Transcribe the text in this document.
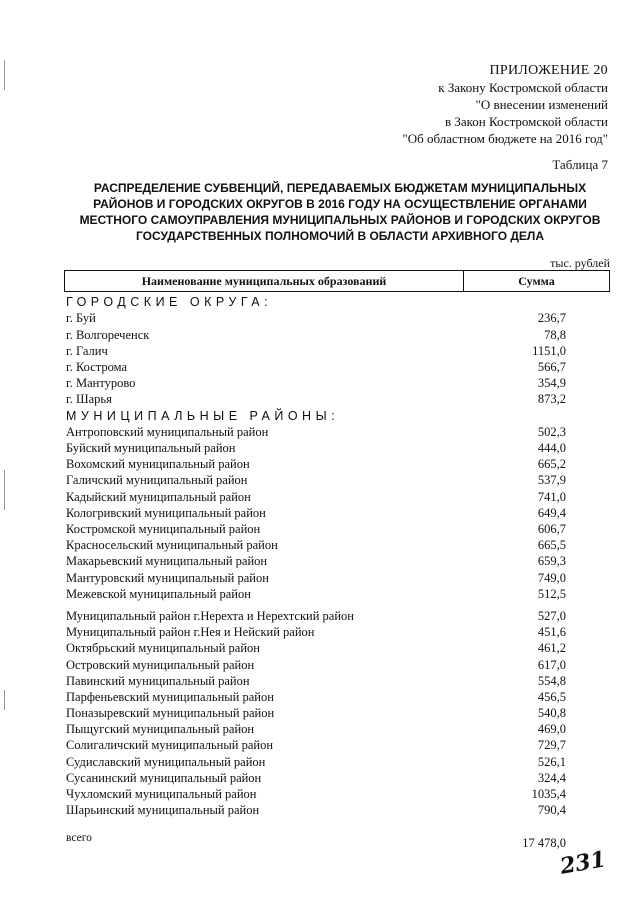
ПРИЛОЖЕНИЕ 20
к Закону Костромской области
"О внесении изменений
в Закон Костромской области
"Об областном бюджете на 2016 год"
Таблица 7
РАСПРЕДЕЛЕНИЕ СУБВЕНЦИЙ, ПЕРЕДАВАЕМЫХ БЮДЖЕТАМ МУНИЦИПАЛЬНЫХ
РАЙОНОВ И ГОРОДСКИХ ОКРУГОВ В 2016 ГОДУ НА ОСУЩЕСТВЛЕНИЕ ОРГАНАМИ
МЕСТНОГО САМОУПРАВЛЕНИЯ МУНИЦИПАЛЬНЫХ РАЙОНОВ И ГОРОДСКИХ ОКРУГОВ
ГОСУДАРСТВЕННЫХ ПОЛНОМОЧИЙ В ОБЛАСТИ АРХИВНОГО ДЕЛА
тыс. рублей
Наименование муниципальных образований	Сумма
ГОРОДСКИЕ ОКРУГА:
г. Буй	236,7
г. Волгореченск	78,8
г. Галич	1151,0
г. Кострома	566,7
г. Мантурово	354,9
г. Шарья	873,2
МУНИЦИПАЛЬНЫЕ РАЙОНЫ:
Антроповский муниципальный район	502,3
Буйский муниципальный район	444,0
Вохомский муниципальный район	665,2
Галичский муниципальный район	537,9
Кадыйский муниципальный район	741,0
Кологривский муниципальный район	649,4
Костромской муниципальный район	606,7
Красносельский муниципальный район	665,5
Макарьевский муниципальный район	659,3
Мантуровский муниципальный район	749,0
Межевской муниципальный район	512,5
Муниципальный район г.Нерехта и Нерехтский район	527,0
Муниципальный район г.Нея и Нейский район	451,6
Октябрьский муниципальный район	461,2
Островский муниципальный район	617,0
Павинский муниципальный район	554,8
Парфеньевский муниципальный район	456,5
Поназыревский муниципальный район	540,8
Пыщугский муниципальный район	469,0
Солигаличский муниципальный район	729,7
Судиславский муниципальный район	526,1
Сусанинский муниципальный район	324,4
Чухломский муниципальный район	1035,4
Шарьинский муниципальный район	790,4
всего	17 478,0
231
